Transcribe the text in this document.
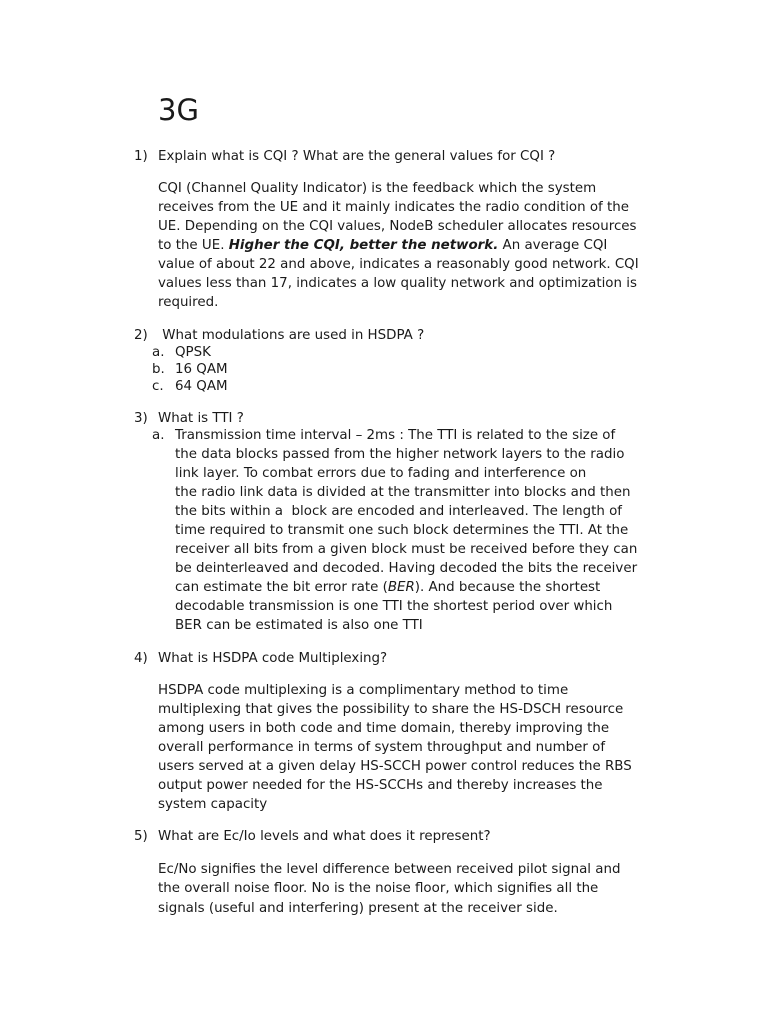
3G
1) Explain what is CQI ? What are the general values for CQI ?
CQI (Channel Quality Indicator) is the feedback which the system
receives from the UE and it mainly indicates the radio condition of the
UE. Depending on the CQI values, NodeB scheduler allocates resources
to the UE. Higher the CQI, better the network. An average CQI
value of about 22 and above, indicates a reasonably good network. CQI
values less than 17, indicates a low quality network and optimization is
required.
2) What modulations are used in HSDPA ?
a. QPSK
b. 16 QAM
c. 64 QAM
3) What is TTI ?
a. Transmission time interval – 2ms : The TTI is related to the size of
the data blocks passed from the higher network layers to the radio
link layer. To combat errors due to fading and interference on
the radio link data is divided at the transmitter into blocks and then
the bits within a  block are encoded and interleaved. The length of
time required to transmit one such block determines the TTI. At the
receiver all bits from a given block must be received before they can
be deinterleaved and decoded. Having decoded the bits the receiver
can estimate the bit error rate (BER). And because the shortest
decodable transmission is one TTI the shortest period over which
BER can be estimated is also one TTI
4) What is HSDPA code Multiplexing?
HSDPA code multiplexing is a complimentary method to time
multiplexing that gives the possibility to share the HS-DSCH resource
among users in both code and time domain, thereby improving the
overall performance in terms of system throughput and number of
users served at a given delay HS-SCCH power control reduces the RBS
output power needed for the HS-SCCHs and thereby increases the
system capacity
5) What are Ec/Io levels and what does it represent?
Ec/No signifies the level difference between received pilot signal and
the overall noise floor. No is the noise floor, which signifies all the
signals (useful and interfering) present at the receiver side.
